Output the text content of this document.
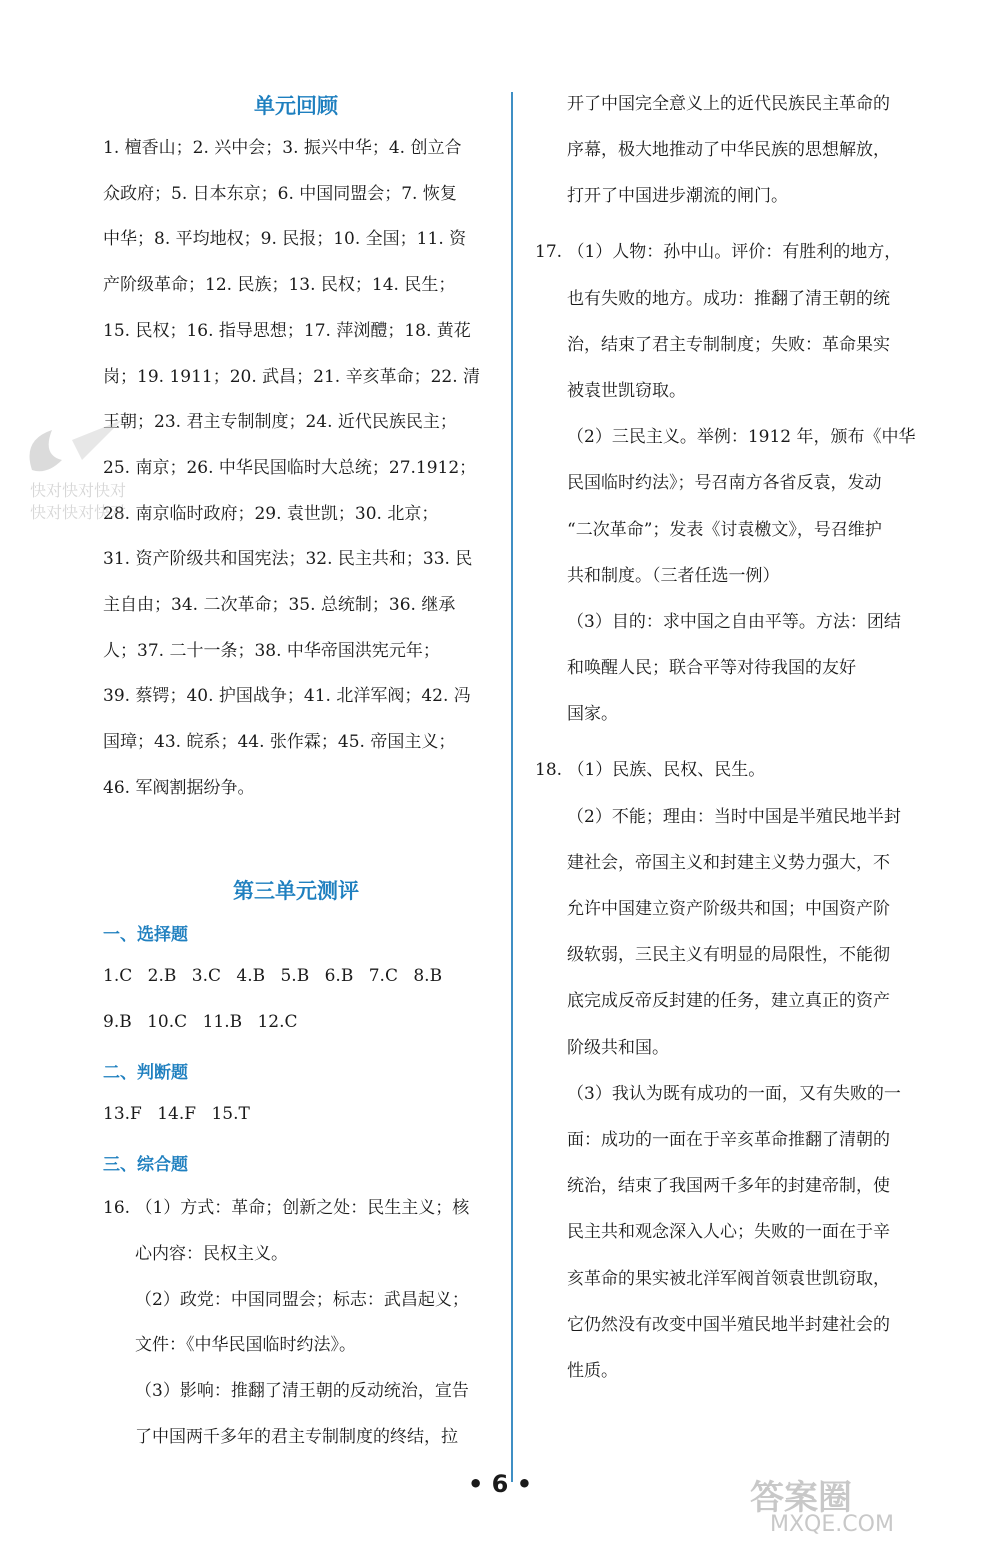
单元回顾
1. 檀香山；2. 兴中会；3. 振兴中华；4. 创立合
众政府；5. 日本东京；6. 中国同盟会；7. 恢复
中华；8. 平均地权；9. 民报；10. 全国；11. 资
产阶级革命；12. 民族；13. 民权；14. 民生；
15. 民权；16. 指导思想；17. 萍浏醴；18. 黄花
岗；19. 1911；20. 武昌；21. 辛亥革命；22. 清
王朝；23. 君主专制制度；24. 近代民族民主；
25. 南京；26. 中华民国临时大总统；27.1912；
28. 南京临时政府；29. 袁世凯；30. 北京；
31. 资产阶级共和国宪法；32. 民主共和；33. 民
主自由；34. 二次革命；35. 总统制；36. 继承
人；37. 二十一条；38. 中华帝国洪宪元年；
39. 蔡锷；40. 护国战争；41. 北洋军阀；42. 冯
国璋；43. 皖系；44. 张作霖；45. 帝国主义；
46. 军阀割据纷争。
第三单元测评
一、选择题
1.C 2.B 3.C 4.B 5.B 6.B 7.C 8.B
9.B 10.C 11.B 12.C
二、判断题
13.F 14.F 15.T
三、综合题
16. （1）方式：革命；创新之处：民生主义；核
心内容：民权主义。
（2）政党：中国同盟会；标志：武昌起义；
文件：《中华民国临时约法》。
（3）影响：推翻了清王朝的反动统治，宣告
了中国两千多年的君主专制制度的终结，拉
开了中国完全意义上的近代民族民主革命的
序幕，极大地推动了中华民族的思想解放，
打开了中国进步潮流的闸门。
17. （1）人物：孙中山。评价：有胜利的地方，
也有失败的地方。成功：推翻了清王朝的统
治，结束了君主专制制度；失败：革命果实
被袁世凯窃取。
（2）三民主义。举例：1912 年，颁布《中华
民国临时约法》；号召南方各省反袁，发动
“二次革命”；发表《讨袁檄文》，号召维护
共和制度。（三者任选一例）
（3）目的：求中国之自由平等。方法：团结
和唤醒人民；联合平等对待我国的友好
国家。
18. （1）民族、民权、民生。
（2）不能；理由：当时中国是半殖民地半封
建社会，帝国主义和封建主义势力强大，不
允许中国建立资产阶级共和国；中国资产阶
级软弱，三民主义有明显的局限性，不能彻
底完成反帝反封建的任务，建立真正的资产
阶级共和国。
（3）我认为既有成功的一面，又有失败的一
面：成功的一面在于辛亥革命推翻了清朝的
统治，结束了我国两千多年的封建帝制，使
民主共和观念深入人心；失败的一面在于辛
亥革命的果实被北洋军阀首领袁世凯窃取，
它仍然没有改变中国半殖民地半封建社会的
性质。
快对快对快对
快对快对快对
• 6 •	答案圈
MXQE.COM
